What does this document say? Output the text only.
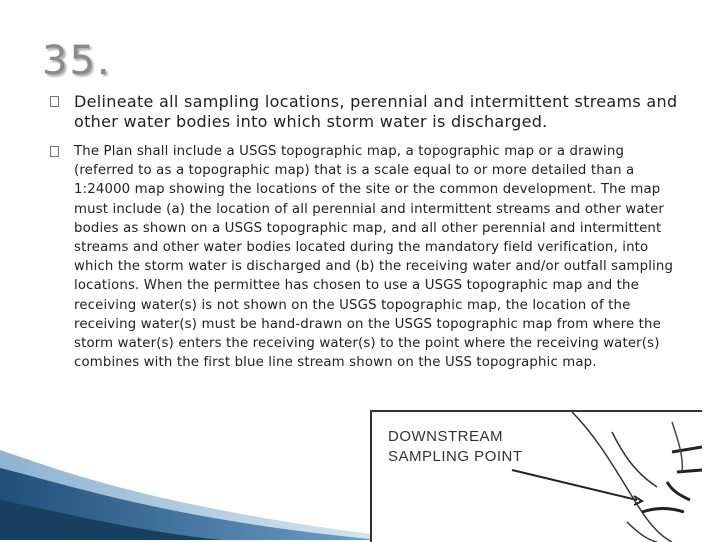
35.
Delineate all sampling locations, perennial and intermittent streams and other water bodies into which storm water is discharged.
The Plan shall include a USGS topographic map, a topographic map or a drawing (referred to as a topographic map) that is a scale equal to or more detailed than a 1:24000 map showing the locations of the site or the common development. The map must include (a) the location of all perennial and intermittent streams and other water bodies as shown on a USGS topographic map, and all other perennial and intermittent streams and other water bodies located during the mandatory field verification, into which the storm water is discharged and (b) the receiving water and/or outfall sampling locations. When the permittee has chosen to use a USGS topographic map and the receiving water(s) is not shown on the USGS topographic map, the location of the receiving water(s) must be hand-drawn on the USGS topographic map from where the storm water(s) enters the receiving water(s) to the point where the receiving water(s) combines with the first blue line stream shown on the USS topographic map.
DOWNSTREAM
SAMPLING POINT
